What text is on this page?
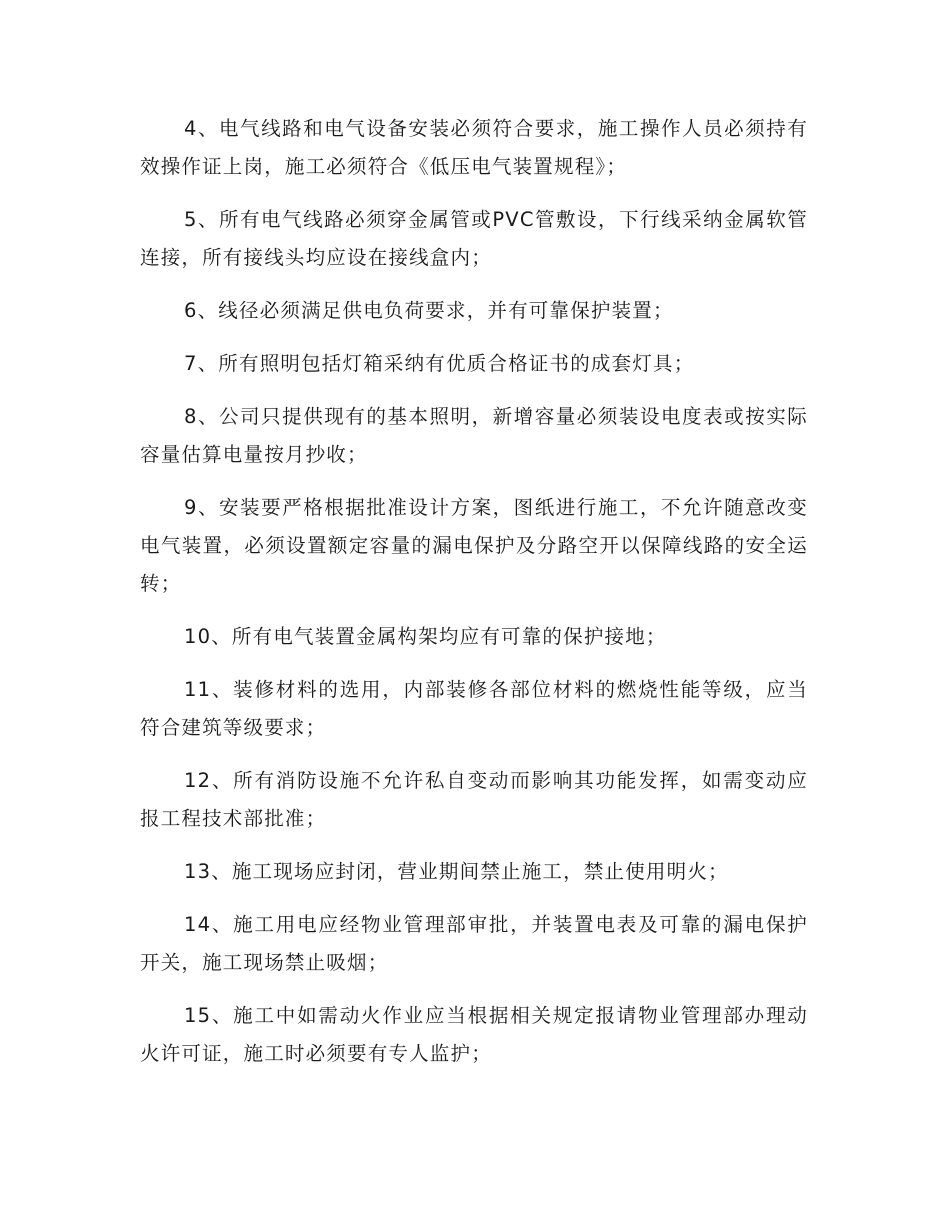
4、电气线路和电气设备安装必须符合要求，施工操作人员必须持有效操作证上岗，施工必须符合《低压电气装置规程》；

5、所有电气线路必须穿金属管或PVC管敷设，下行线采纳金属软管连接，所有接线头均应设在接线盒内；

6、线径必须满足供电负荷要求，并有可靠保护装置；

7、所有照明包括灯箱采纳有优质合格证书的成套灯具；

8、公司只提供现有的基本照明，新增容量必须装设电度表或按实际容量估算电量按月抄收；

9、安装要严格根据批准设计方案，图纸进行施工，不允许随意改变电气装置，必须设置额定容量的漏电保护及分路空开以保障线路的安全运转；

10、所有电气装置金属构架均应有可靠的保护接地；

11、装修材料的选用，内部装修各部位材料的燃烧性能等级，应当符合建筑等级要求；

12、所有消防设施不允许私自变动而影响其功能发挥，如需变动应报工程技术部批准；

13、施工现场应封闭，营业期间禁止施工，禁止使用明火；

14、施工用电应经物业管理部审批，并装置电表及可靠的漏电保护开关，施工现场禁止吸烟；

15、施工中如需动火作业应当根据相关规定报请物业管理部办理动火许可证，施工时必须要有专人监护；
